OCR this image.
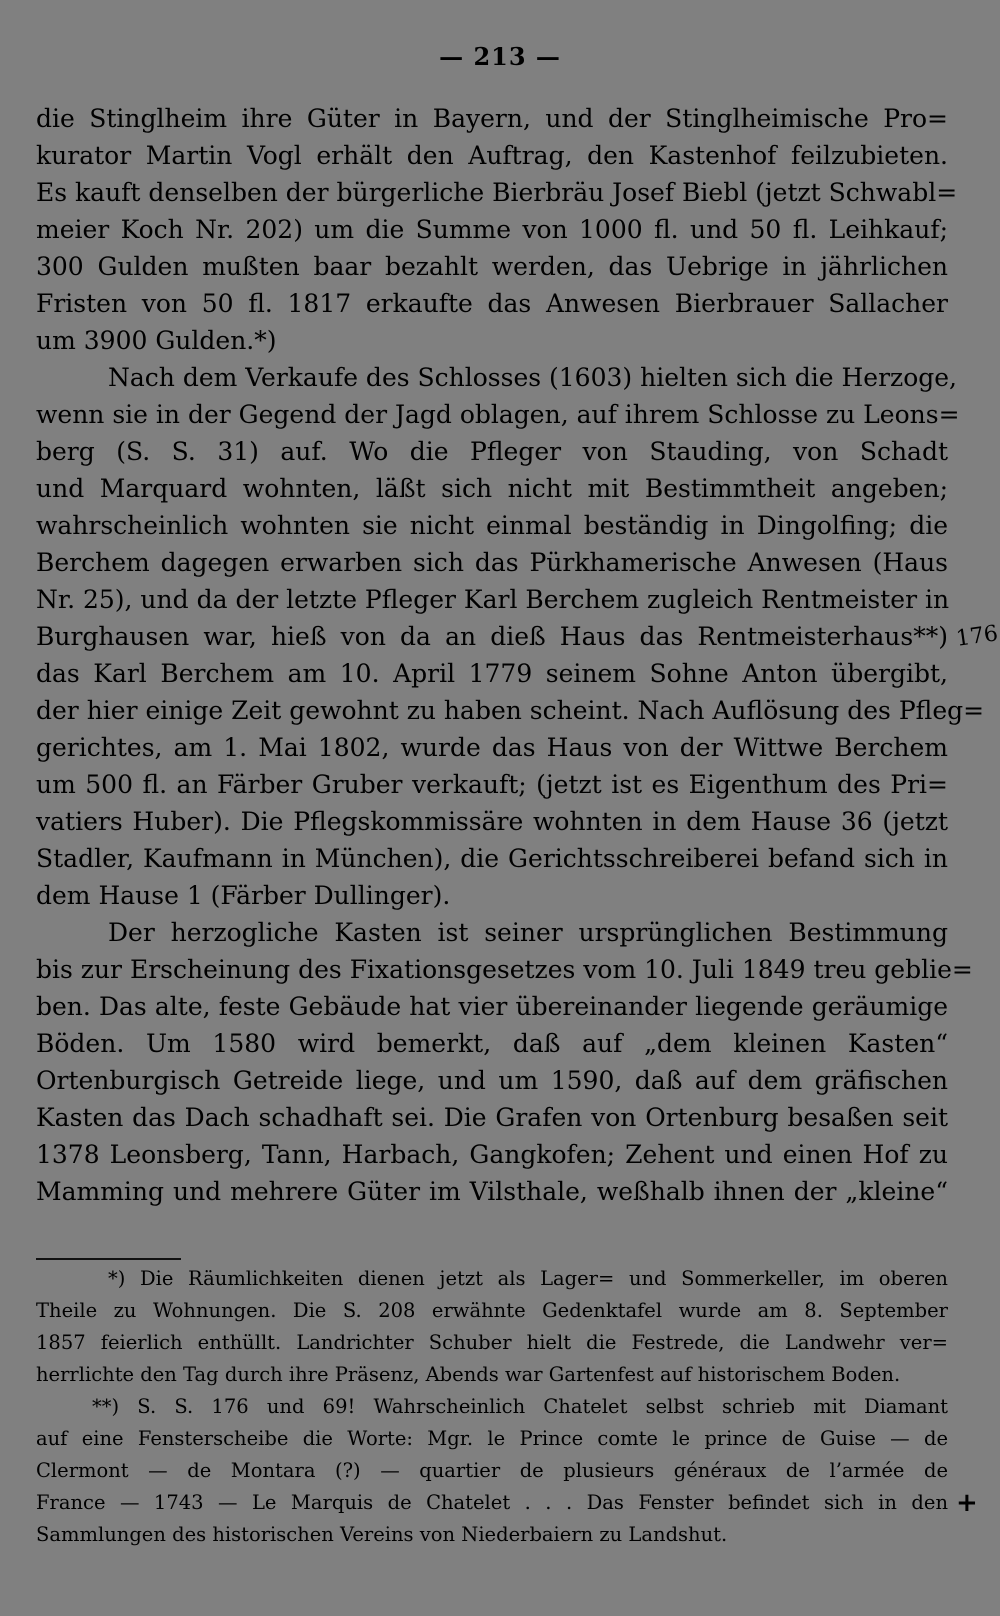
— 213 —
die Stinglheim ihre Güter in Bayern, und der Stinglheimische Pro=
kurator Martin Vogl erhält den Auftrag, den Kastenhof feilzubieten.
Es kauft denselben der bürgerliche Bierbräu Josef Biebl (jetzt Schwabl=
meier Koch Nr. 202) um die Summe von 1000 fl. und 50 fl. Leihkauf;
300 Gulden mußten baar bezahlt werden, das Uebrige in jährlichen
Fristen von 50 fl. 1817 erkaufte das Anwesen Bierbrauer Sallacher
um 3900 Gulden.*)
Nach dem Verkaufe des Schlosses (1603) hielten sich die Herzoge,
wenn sie in der Gegend der Jagd oblagen, auf ihrem Schlosse zu Leons=
berg (S. S. 31) auf. Wo die Pfleger von Stauding, von Schadt
und Marquard wohnten, läßt sich nicht mit Bestimmtheit angeben;
wahrscheinlich wohnten sie nicht einmal beständig in Dingolfing; die
Berchem dagegen erwarben sich das Pürkhamerische Anwesen (Haus
Nr. 25), und da der letzte Pfleger Karl Berchem zugleich Rentmeister in
Burghausen war, hieß von da an dieß Haus das Rentmeisterhaus**)
das Karl Berchem am 10. April 1779 seinem Sohne Anton übergibt,
der hier einige Zeit gewohnt zu haben scheint. Nach Auflösung des Pfleg=
gerichtes, am 1. Mai 1802, wurde das Haus von der Wittwe Berchem
um 500 fl. an Färber Gruber verkauft; (jetzt ist es Eigenthum des Pri=
vatiers Huber). Die Pflegskommissäre wohnten in dem Hause 36 (jetzt
Stadler, Kaufmann in München), die Gerichtsschreiberei befand sich in
dem Hause 1 (Färber Dullinger).
Der herzogliche Kasten ist seiner ursprünglichen Bestimmung
bis zur Erscheinung des Fixationsgesetzes vom 10. Juli 1849 treu geblie=
ben. Das alte, feste Gebäude hat vier übereinander liegende geräumige
Böden. Um 1580 wird bemerkt, daß auf „dem kleinen Kasten“
Ortenburgisch Getreide liege, und um 1590, daß auf dem gräfischen
Kasten das Dach schadhaft sei. Die Grafen von Ortenburg besaßen seit
1378 Leonsberg, Tann, Harbach, Gangkofen; Zehent und einen Hof zu
Mamming und mehrere Güter im Vilsthale, weßhalb ihnen der „kleine“
*) Die Räumlichkeiten dienen jetzt als Lager= und Sommerkeller, im oberen
Theile zu Wohnungen. Die S. 208 erwähnte Gedenktafel wurde am 8. September
1857 feierlich enthüllt. Landrichter Schuber hielt die Festrede, die Landwehr ver=
herrlichte den Tag durch ihre Präsenz, Abends war Gartenfest auf historischem Boden.
**) S. S. 176 und 69! Wahrscheinlich Chatelet selbst schrieb mit Diamant
auf eine Fensterscheibe die Worte: Mgr. le Prince comte le prince de Guise — de
Clermont — de Montara (?) — quartier de plusieurs généraux de l’armée de
France — 1743 — Le Marquis de Chatelet . . . Das Fenster befindet sich in den
Sammlungen des historischen Vereins von Niederbaiern zu Landshut.
176
+
